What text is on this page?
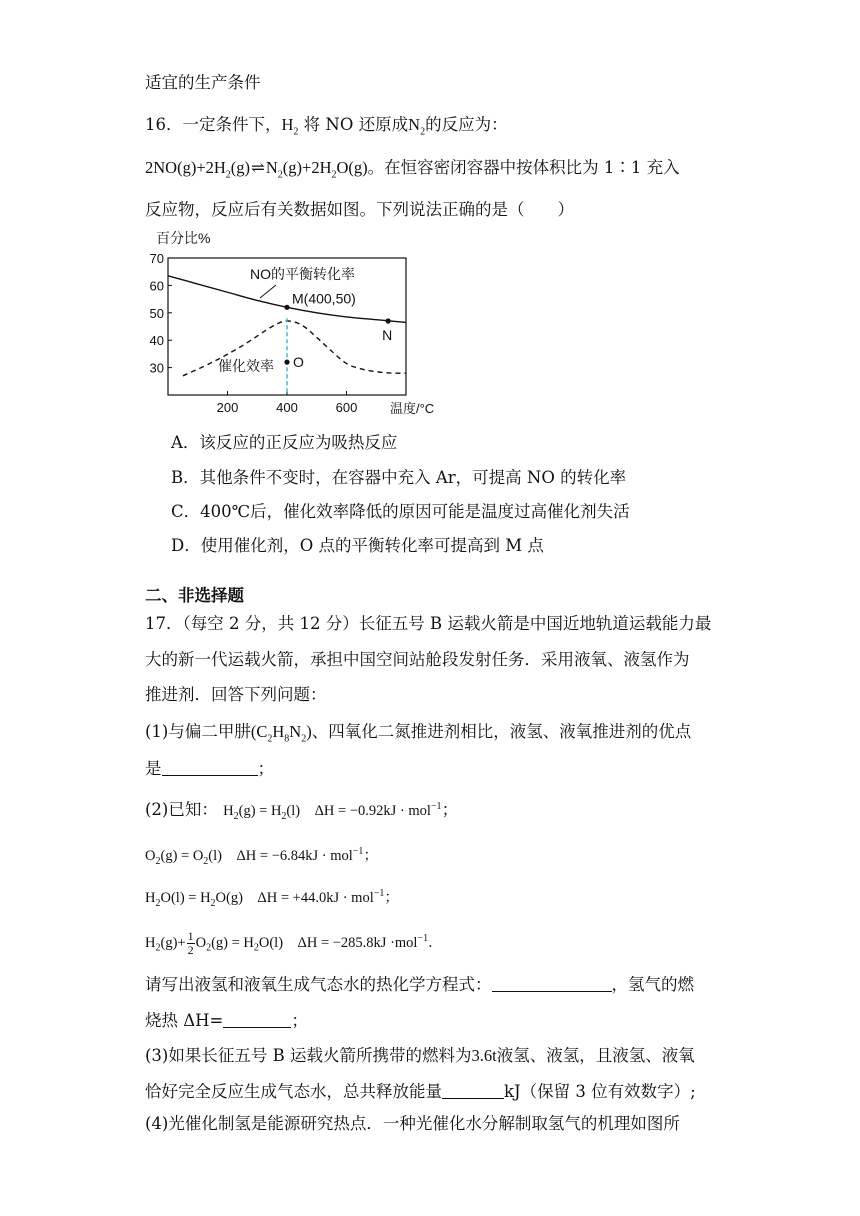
适宜的生产条件
16．一定条件下，$H_2$ 将 NO 还原成$N_2$的反应为：
$2NO(g)+2H_2(g)\rightleftharpoons N_2(g)+2H_2O(g)$。在恒容密闭容器中按体积比为 1∶1 充入
反应物，反应后有关数据如图。下列说法正确的是（　　）
百分比%
30
40
50
60
70
200	400	600	温度/°C
NO的平衡转化率
催化效率
M(400,50)
N
O
A．该反应的正反应为吸热反应
B．其他条件不变时，在容器中充入 Ar，可提高 NO 的转化率
C．400℃后，催化效率降低的原因可能是温度过高催化剂失活
D．使用催化剂，O 点的平衡转化率可提高到 M 点
二、非选择题
17．（每空 2 分，共 12 分）长征五号 B 运载火箭是中国近地轨道运载能力最
大的新一代运载火箭，承担中国空间站舱段发射任务．采用液氧、液氢作为
推进剂．回答下列问题：
(1)与偏二甲肼$(C_2H_8N_2)$、四氧化二氮推进剂相比，液氢、液氧推进剂的优点
是	；
(2)已知： $H_2(g) = H_2(l)$　ΔH = −0.92kJ · mol$^{-1}$；
$O_2(g) = O_2(l)$　ΔH = −6.84kJ · mol$^{-1}$；
$H_2O(l) = H_2O(g)$　ΔH = +44.0kJ · mol$^{-1}$；
$H_2(g)+ \frac{1}{2} O_2(g) = H_2O(l)$　ΔH = −285.8kJ ·mol$^{-1}$．
请写出液氢和液氧生成气态水的热化学方程式：	，氢气的燃
烧热 ΔH=	；
(3)如果长征五号 B 运载火箭所携带的燃料为3.6t液氢、液氢，且液氢、液氧
恰好完全反应生成气态水，总共释放能量	kJ（保留 3 位有效数字）;
(4)光催化制氢是能源研究热点．一种光催化水分解制取氢气的机理如图所
